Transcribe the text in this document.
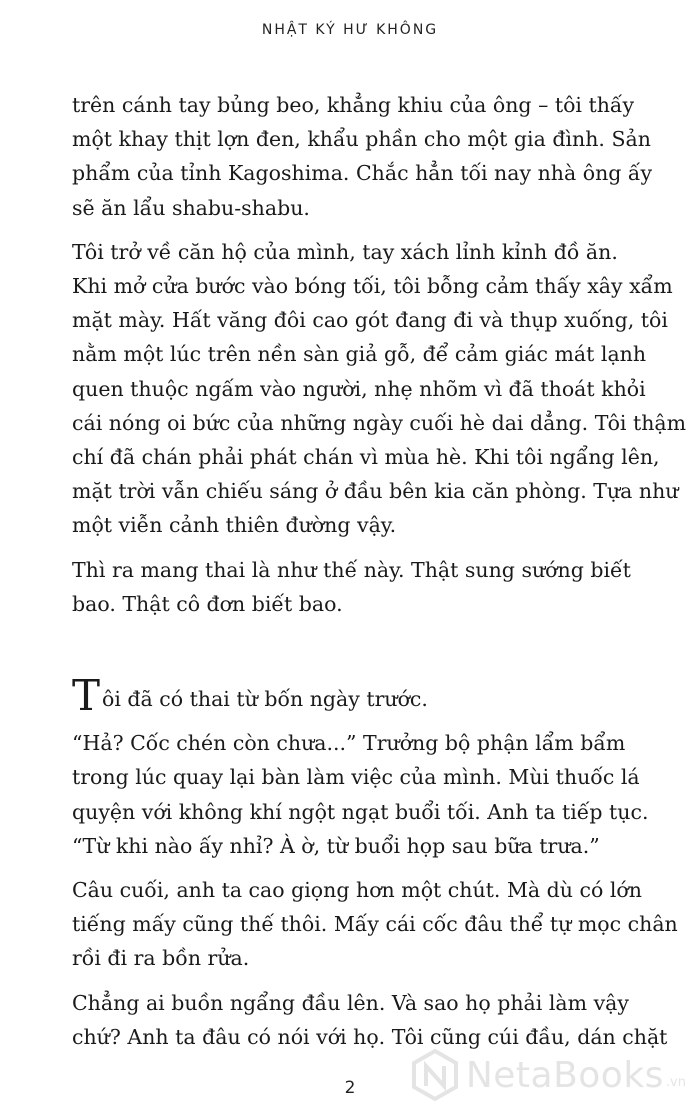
NHẬT KÝ HƯ KHÔNG
trên cánh tay bủng beo, khẳng khiu của ông – tôi thấy
một khay thịt lợn đen, khẩu phần cho một gia đình. Sản
phẩm của tỉnh Kagoshima. Chắc hẳn tối nay nhà ông ấy
sẽ ăn lẩu shabu-shabu.
Tôi trở về căn hộ của mình, tay xách lỉnh kỉnh đồ ăn.
Khi mở cửa bước vào bóng tối, tôi bỗng cảm thấy xây xẩm
mặt mày. Hất văng đôi cao gót đang đi và thụp xuống, tôi
nằm một lúc trên nền sàn giả gỗ, để cảm giác mát lạnh
quen thuộc ngấm vào người, nhẹ nhõm vì đã thoát khỏi
cái nóng oi bức của những ngày cuối hè dai dẳng. Tôi thậm
chí đã chán phải phát chán vì mùa hè. Khi tôi ngẩng lên,
mặt trời vẫn chiếu sáng ở đầu bên kia căn phòng. Tựa như
một viễn cảnh thiên đường vậy.
Thì ra mang thai là như thế này. Thật sung sướng biết
bao. Thật cô đơn biết bao.
Tôi đã có thai từ bốn ngày trước.
“Hả? Cốc chén còn chưa...” Trưởng bộ phận lẩm bẩm
trong lúc quay lại bàn làm việc của mình. Mùi thuốc lá
quyện với không khí ngột ngạt buổi tối. Anh ta tiếp tục.
“Từ khi nào ấy nhỉ? À ờ, từ buổi họp sau bữa trưa.”
Câu cuối, anh ta cao giọng hơn một chút. Mà dù có lớn
tiếng mấy cũng thế thôi. Mấy cái cốc đâu thể tự mọc chân
rồi đi ra bồn rửa.
Chẳng ai buồn ngẩng đầu lên. Và sao họ phải làm vậy
chứ? Anh ta đâu có nói với họ. Tôi cũng cúi đầu, dán chặt
2	NetaBooks .vn
